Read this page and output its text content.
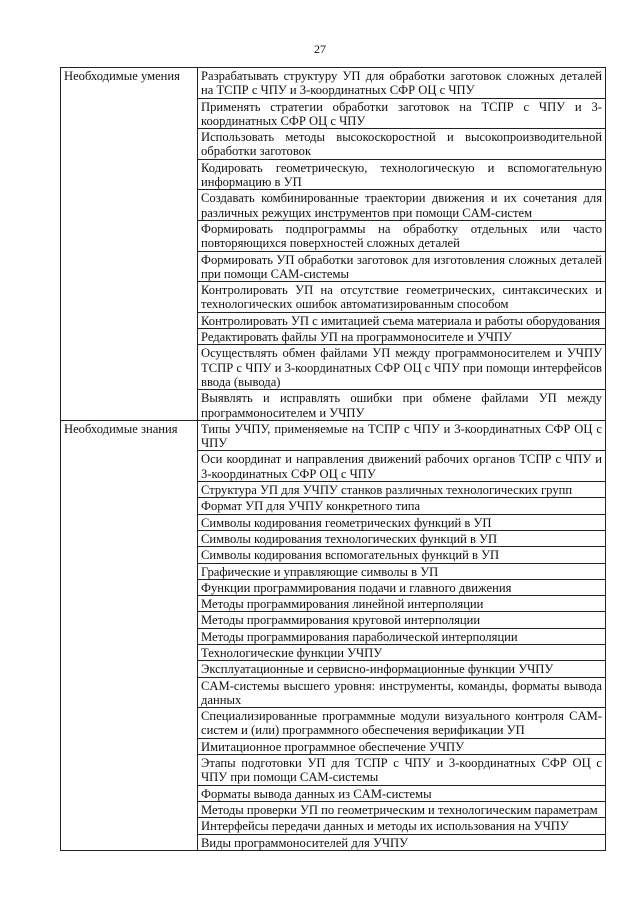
27
Необходимые умения	Разрабатывать структуру УП для обработки заготовок сложных деталей на ТСПР с ЧПУ и 3-координатных СФР ОЦ с ЧПУ
	Применять стратегии обработки заготовок на ТСПР с ЧПУ и 3-координатных СФР ОЦ с ЧПУ
	Использовать методы высокоскоростной и высокопроизводительной обработки заготовок
	Кодировать геометрическую, технологическую и вспомогательную информацию в УП
	Создавать комбинированные траектории движения и их сочетания для различных режущих инструментов при помощи CAM-систем
	Формировать подпрограммы на обработку отдельных или часто повторяющихся поверхностей сложных деталей
	Формировать УП обработки заготовок для изготовления сложных деталей при помощи CAM-системы
	Контролировать УП на отсутствие геометрических, синтаксических и технологических ошибок автоматизированным способом
	Контролировать УП с имитацией съема материала и работы оборудования
	Редактировать файлы УП на программоносителе и УЧПУ
	Осуществлять обмен файлами УП между программоносителем и УЧПУ ТСПР с ЧПУ и 3-координатных СФР ОЦ с ЧПУ при помощи интерфейсов ввода (вывода)
	Выявлять и исправлять ошибки при обмене файлами УП между программоносителем и УЧПУ
Необходимые знания	Типы УЧПУ, применяемые на ТСПР с ЧПУ и 3-координатных СФР ОЦ с ЧПУ
	Оси координат и направления движений рабочих органов ТСПР с ЧПУ и 3-координатных СФР ОЦ с ЧПУ
	Структура УП для УЧПУ станков различных технологических групп
	Формат УП для УЧПУ конкретного типа
	Символы кодирования геометрических функций в УП
	Символы кодирования технологических функций в УП
	Символы кодирования вспомогательных функций в УП
	Графические и управляющие символы в УП
	Функции программирования подачи и главного движения
	Методы программирования линейной интерполяции
	Методы программирования круговой интерполяции
	Методы программирования параболической интерполяции
	Технологические функции УЧПУ
	Эксплуатационные и сервисно-информационные функции УЧПУ
	CAM-системы высшего уровня: инструменты, команды, форматы вывода данных
	Специализированные программные модули визуального контроля CAM-систем и (или) программного обеспечения верификации УП
	Имитационное программное обеспечение УЧПУ
	Этапы подготовки УП для ТСПР с ЧПУ и 3-координатных СФР ОЦ с ЧПУ при помощи CAM-системы
	Форматы вывода данных из CAM-системы
	Методы проверки УП по геометрическим и технологическим параметрам
	Интерфейсы передачи данных и методы их использования на УЧПУ
	Виды программоносителей для УЧПУ
